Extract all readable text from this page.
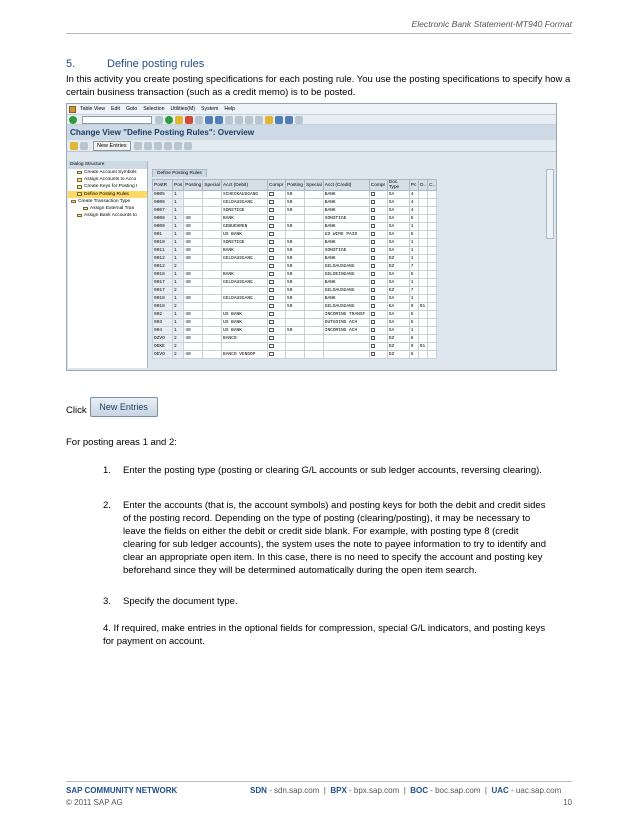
Electronic Bank Statement-MT940 Format
5.	Define posting rules
In this activity you create posting specifications for each posting rule. You use the posting specifications to specify how a certain business transaction (such as a credit memo) is to be posted.
Table View Edit Goto Selection Utilities(M) System Help
Change View "Define Posting Rules": Overview
New Entries
Dialog Structure
Create Account Symbols
Assign Accounts to Acco
Create Keys for Posting I
Define Posting Rules
Create Transaction Type
Assign External Tran
Assign Bank Accounts to
Define Posting Rules
PostR	Pos	Posting	Special	Acct (Debit)	Compr	Posting	Special	Acct (Credit)	Compr	Doc. Type	Pc	O..	C..
0005	1			SCHECKAUSGANG		50		BANK		SA	4		
0006	1			GELDAUSGANG		50		BANK		SA	4		
0007	1			SONSTIGE		50		BANK		SA	4		
0008	1	40		BANK				SONSTIGE		SA	5		
0009	1	40		GEBUEHREN		50		BANK		SA	1		
001	1	40		US BANK				US WIRE PAID		SA	5		
0010	1	40		SONSTIGE		50		BANK		SA	1		
0011	1	40		BANK		50		SONSTIGE		SA	1		
0012	1	40		GELDAUSGANG		50		BANK		DZ	1		
0012	2					50		GELDAUSGANG		DZ	7		
0016	1	40		BANK		50		GELDEINGANG		SA	5		
0017	1	40		GELDAUSGANG		50		BANK		SA	1		
0017	2					50		GELDAUSGANG		KZ	7		
0018	1	40		GELDAUSGANG		50		BANK		SA	1		
0018	2					50		GELDAUSGANG		KA	9	01	
002	1	40		US BANK				INCOMING TRANSF		SA	5		
003	1	40		US BANK				OUTGOING ACH		SA	5		
004	1	40		US BANK		50		INCOMING ACH		SA	1		
DZVO	2	40		BANCO						DZ	8		
OEKE	2									DZ	9	01	
OEVO	2	40		BANCO VENDOP						DZ	8		
Click	New Entries
For posting areas 1 and 2:
1. Enter the posting type (posting or clearing G/L accounts or sub ledger accounts, reversing clearing).
2. Enter the accounts (that is, the account symbols) and posting keys for both the debit and credit sides of the posting record. Depending on the type of posting (clearing/posting), it may be necessary to leave the fields on either the debit or credit side blank. For example, with posting type 8 (credit clearing for sub ledger accounts), the system uses the note to payee information to try to identify and clear an appropriate open item. In this case, there is no need to specify the account and posting key beforehand since they will be determined automatically during the open item search.
3. Specify the document type.
4. If required, make entries in the optional fields for compression, special G/L indicators, and posting keys for payment on account.
SAP COMMUNITY NETWORK	SDN - sdn.sap.com  |  BPX - bpx.sap.com  |  BOC - boc.sap.com  |  UAC - uac.sap.com
© 2011 SAP AG	10
